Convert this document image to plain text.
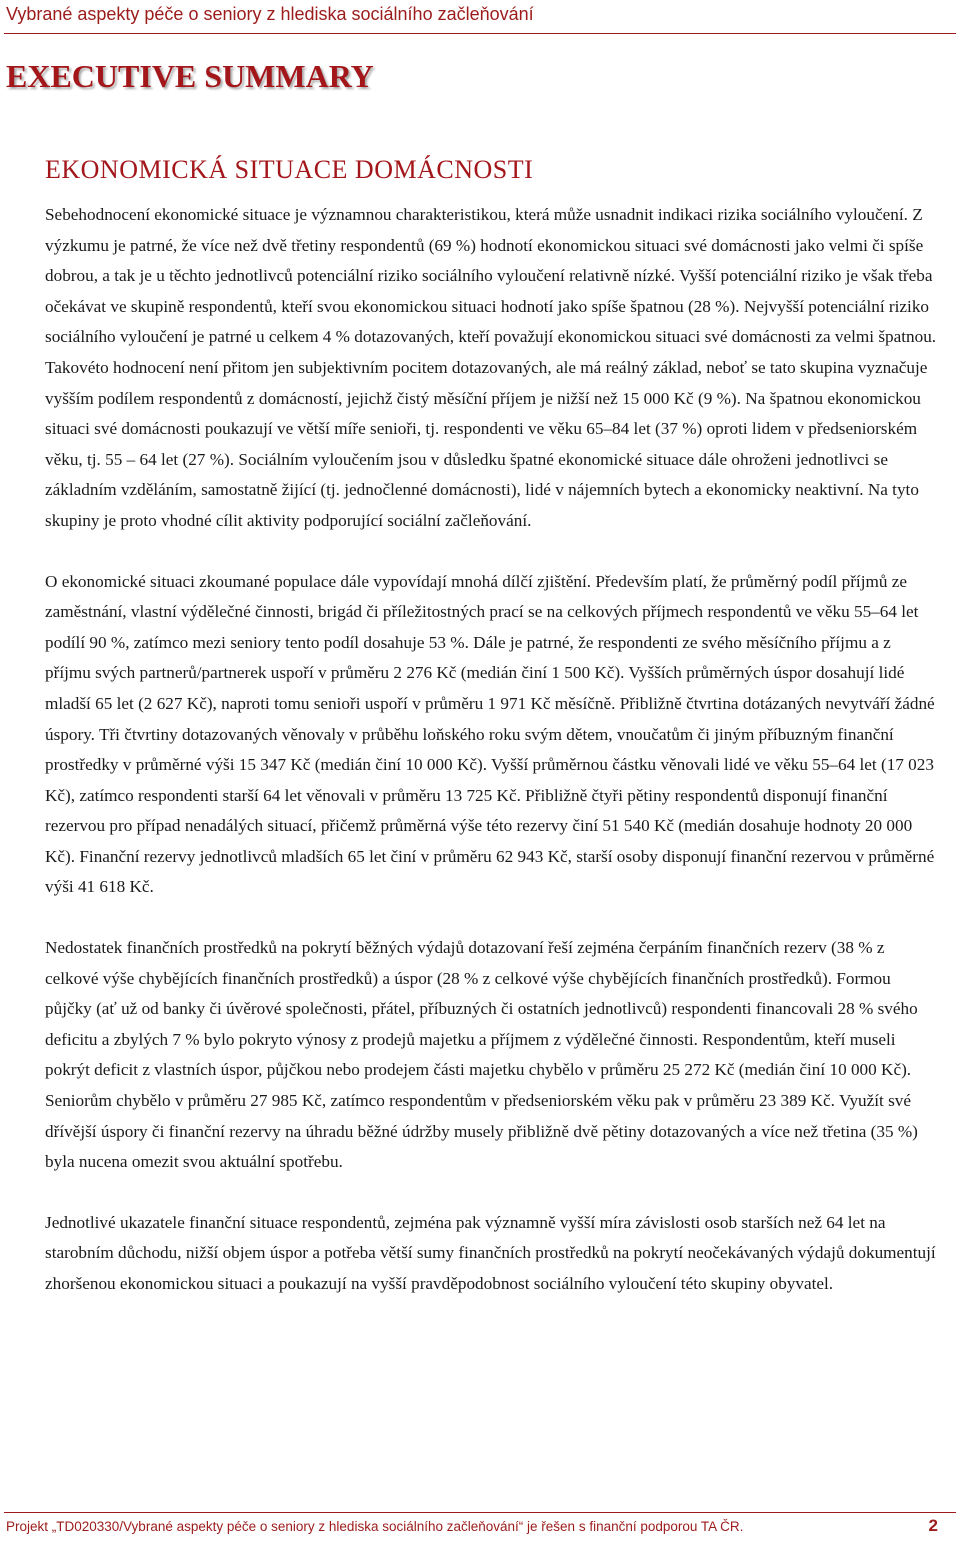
Vybrané aspekty péče o seniory z hlediska sociálního začleňování
EXECUTIVE SUMMARY
EKONOMICKÁ SITUACE DOMÁCNOSTI

Sebehodnocení ekonomické situace je významnou charakteristikou, která může usnadnit indikaci rizika sociálního vyloučení. Z výzkumu je patrné, že více než dvě třetiny respondentů (69 %) hodnotí ekonomickou situaci své domácnosti jako velmi či spíše dobrou, a tak je u těchto jednotlivců potenciální riziko sociálního vyloučení relativně nízké. Vyšší potenciální riziko je však třeba očekávat ve skupině respondentů, kteří svou ekonomickou situaci hodnotí jako spíše špatnou (28 %). Nejvyšší potenciální riziko sociálního vyloučení je patrné u celkem 4 % dotazovaných, kteří považují ekonomickou situaci své domácnosti za velmi špatnou. Takovéto hodnocení není přitom jen subjektivním pocitem dotazovaných, ale má reálný základ, neboť se tato skupina vyznačuje vyšším podílem respondentů z domácností, jejichž čistý měsíční příjem je nižší než 15 000 Kč (9 %). Na špatnou ekonomickou situaci své domácnosti poukazují ve větší míře senioři, tj. respondenti ve věku 65–84 let (37 %) oproti lidem v předseniorském věku, tj. 55 – 64 let (27 %). Sociálním vyloučením jsou v důsledku špatné ekonomické situace dále ohroženi jednotlivci se základním vzděláním, samostatně žijící (tj. jednočlenné domácnosti), lidé v nájemních bytech a ekonomicky neaktivní. Na tyto skupiny je proto vhodné cílit aktivity podporující sociální začleňování.

O ekonomické situaci zkoumané populace dále vypovídají mnohá dílčí zjištění. Především platí, že průměrný podíl příjmů ze zaměstnání, vlastní výdělečné činnosti, brigád či příležitostných prací se na celkových příjmech respondentů ve věku 55–64 let podílí 90 %, zatímco mezi seniory tento podíl dosahuje 53 %. Dále je patrné, že respondenti ze svého měsíčního příjmu a z příjmu svých partnerů/partnerek uspoří v průměru 2 276 Kč (medián činí 1 500 Kč). Vyšších průměrných úspor dosahují lidé mladší 65 let (2 627 Kč), naproti tomu senioři uspoří v průměru 1 971 Kč měsíčně. Přibližně čtvrtina dotázaných nevytváří žádné úspory. Tři čtvrtiny dotazovaných věnovaly v průběhu loňského roku svým dětem, vnoučatům či jiným příbuzným finanční prostředky v průměrné výši 15 347 Kč (medián činí 10 000 Kč). Vyšší průměrnou částku věnovali lidé ve věku 55–64 let (17 023 Kč), zatímco respondenti starší 64 let věnovali v průměru 13 725 Kč. Přibližně čtyři pětiny respondentů disponují finanční rezervou pro případ nenadálých situací, přičemž průměrná výše této rezervy činí 51 540 Kč (medián dosahuje hodnoty 20 000 Kč). Finanční rezervy jednotlivců mladších 65 let činí v průměru 62 943 Kč, starší osoby disponují finanční rezervou v průměrné výši 41 618 Kč.

Nedostatek finančních prostředků na pokrytí běžných výdajů dotazovaní řeší zejména čerpáním finančních rezerv (38 % z celkové výše chybějících finančních prostředků) a úspor (28 % z celkové výše chybějících finančních prostředků). Formou půjčky (ať už od banky či úvěrové společnosti, přátel, příbuzných či ostatních jednotlivců) respondenti financovali 28 % svého deficitu a zbylých 7 % bylo pokryto výnosy z prodejů majetku a příjmem z výdělečné činnosti. Respondentům, kteří museli pokrýt deficit z vlastních úspor, půjčkou nebo prodejem části majetku chybělo v průměru 25 272 Kč (medián činí 10 000 Kč). Seniorům chybělo v průměru 27 985 Kč, zatímco respondentům v předseniorském věku pak v průměru 23 389 Kč. Využít své dřívější úspory či finanční rezervy na úhradu běžné údržby musely přibližně dvě pětiny dotazovaných a více než třetina (35 %) byla nucena omezit svou aktuální spotřebu.

Jednotlivé ukazatele finanční situace respondentů, zejména pak významně vyšší míra závislosti osob starších než 64 let na starobním důchodu, nižší objem úspor a potřeba větší sumy finančních prostředků na pokrytí neočekávaných výdajů dokumentují zhoršenou ekonomickou situaci a poukazují na vyšší pravděpodobnost sociálního vyloučení této skupiny obyvatel.

Projekt „TD020330/Vybrané aspekty péče o seniory z hlediska sociálního začleňování“ je řešen s finanční podporou TA ČR.	2
